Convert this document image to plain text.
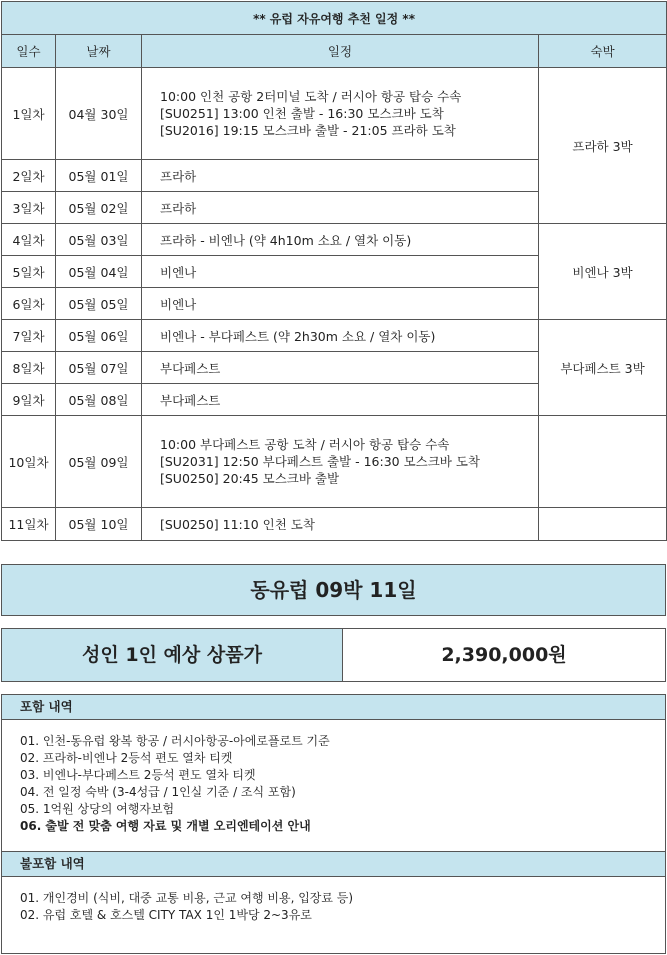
** 유럽 자유여행 추천 일정 **			
일수	날짜	일정	숙박
1일차	04월 30일	10:00 인천 공항 2터미널 도착 / 러시아 항공 탑승 수속
[SU0251] 13:00 인천 출발 - 16:30 모스크바 도착
[SU2016] 19:15 모스크바 출발 - 21:05 프라하 도착	프라하 3박
2일차	05월 01일	프라하	
3일차	05월 02일	프라하	
4일차	05월 03일	프라하 - 비엔나 (약 4h10m 소요 / 열차 이동)	비엔나 3박
5일차	05월 04일	비엔나	
6일차	05월 05일	비엔나	
7일차	05월 06일	비엔나 - 부다페스트 (약 2h30m 소요 / 열차 이동)	부다페스트 3박
8일차	05월 07일	부다페스트	
9일차	05월 08일	부다페스트	
10일차	05월 09일	10:00 부다페스트 공항 도착 / 러시아 항공 탑승 수속
[SU2031] 12:50 부다페스트 출발 - 16:30 모스크바 도착
[SU0250] 20:45 모스크바 출발	

11일차	05월 10일	[SU0250] 11:10 인천 도착	
동유럽 09박 11일
성인 1인 예상 상품가	2,390,000원
포함 내역
01. 인천-동유럽 왕복 항공 / 러시아항공-아에로플로트 기준
02. 프라하-비엔나 2등석 편도 열차 티켓
03. 비엔나-부다페스트 2등석 편도 열차 티켓
04. 전 일정 숙박 (3-4성급 / 1인실 기준 / 조식 포함)
05. 1억원 상당의 여행자보험
06. 출발 전 맞춤 여행 자료 및 개별 오리엔테이션 안내
불포함 내역
01. 개인경비 (식비, 대중 교통 비용, 근교 여행 비용, 입장료 등)
02. 유럽 호텔 & 호스텔 CITY TAX 1인 1박당 2~3유로
